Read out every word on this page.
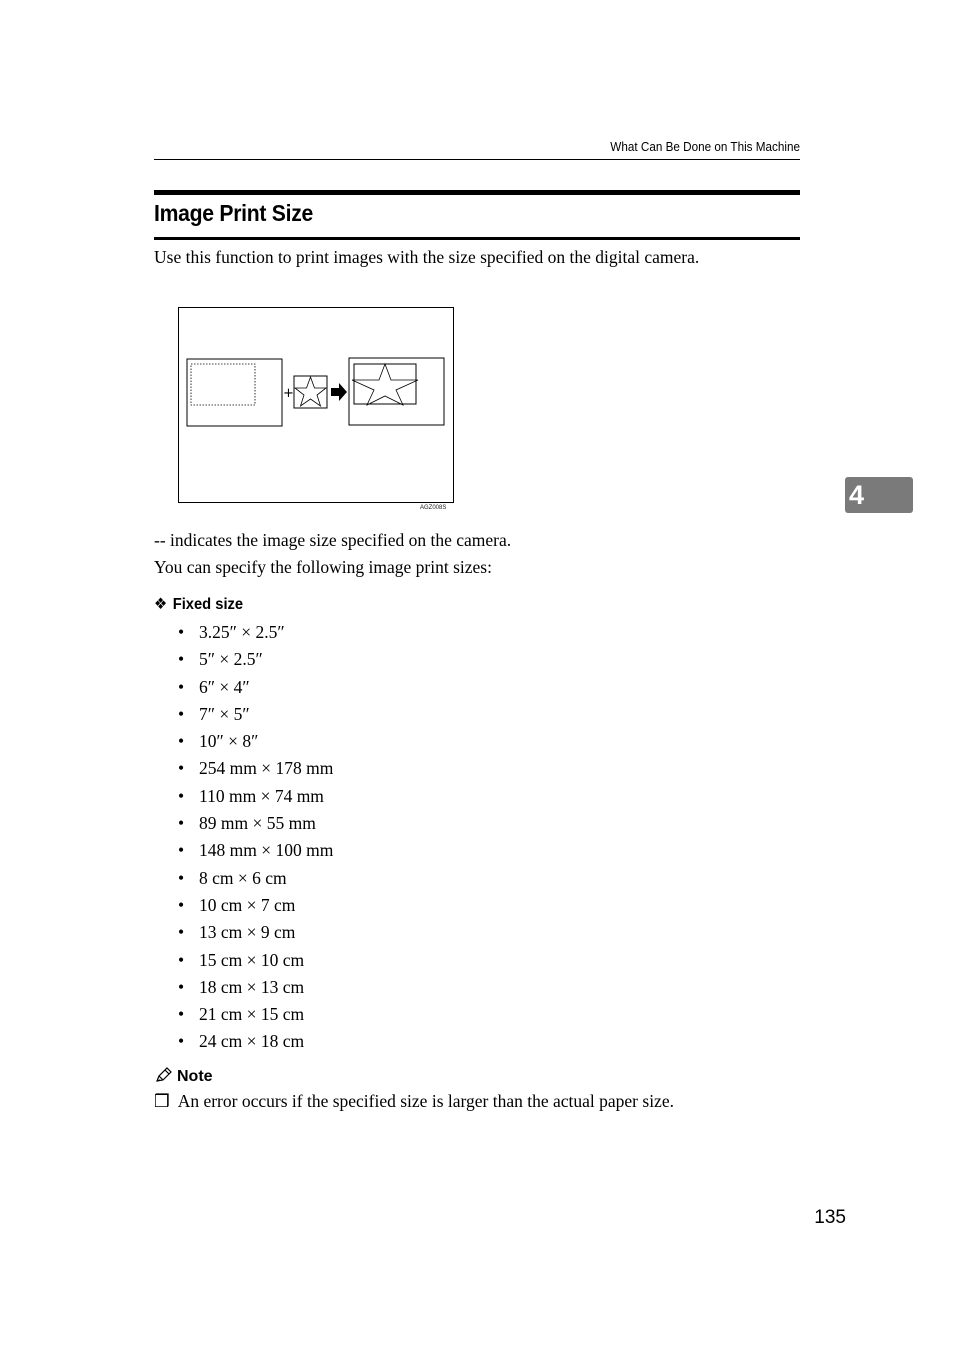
What Can Be Done on This Machine
Image Print Size
Use this function to print images with the size specified on the digital camera.
+
AGZ008S
-- indicates the image size specified on the camera.
You can specify the following image print sizes:
❖ Fixed size
• 3.25″ × 2.5″
• 5″ × 2.5″
• 6″ × 4″
• 7″ × 5″
• 10″ × 8″
• 254 mm × 178 mm
• 110 mm × 74 mm
• 89 mm × 55 mm
• 148 mm × 100 mm
• 8 cm × 6 cm
• 10 cm × 7 cm
• 13 cm × 9 cm
• 15 cm × 10 cm
• 18 cm × 13 cm
• 21 cm × 15 cm
• 24 cm × 18 cm
Note
❒ An error occurs if the specified size is larger than the actual paper size.
4
135
